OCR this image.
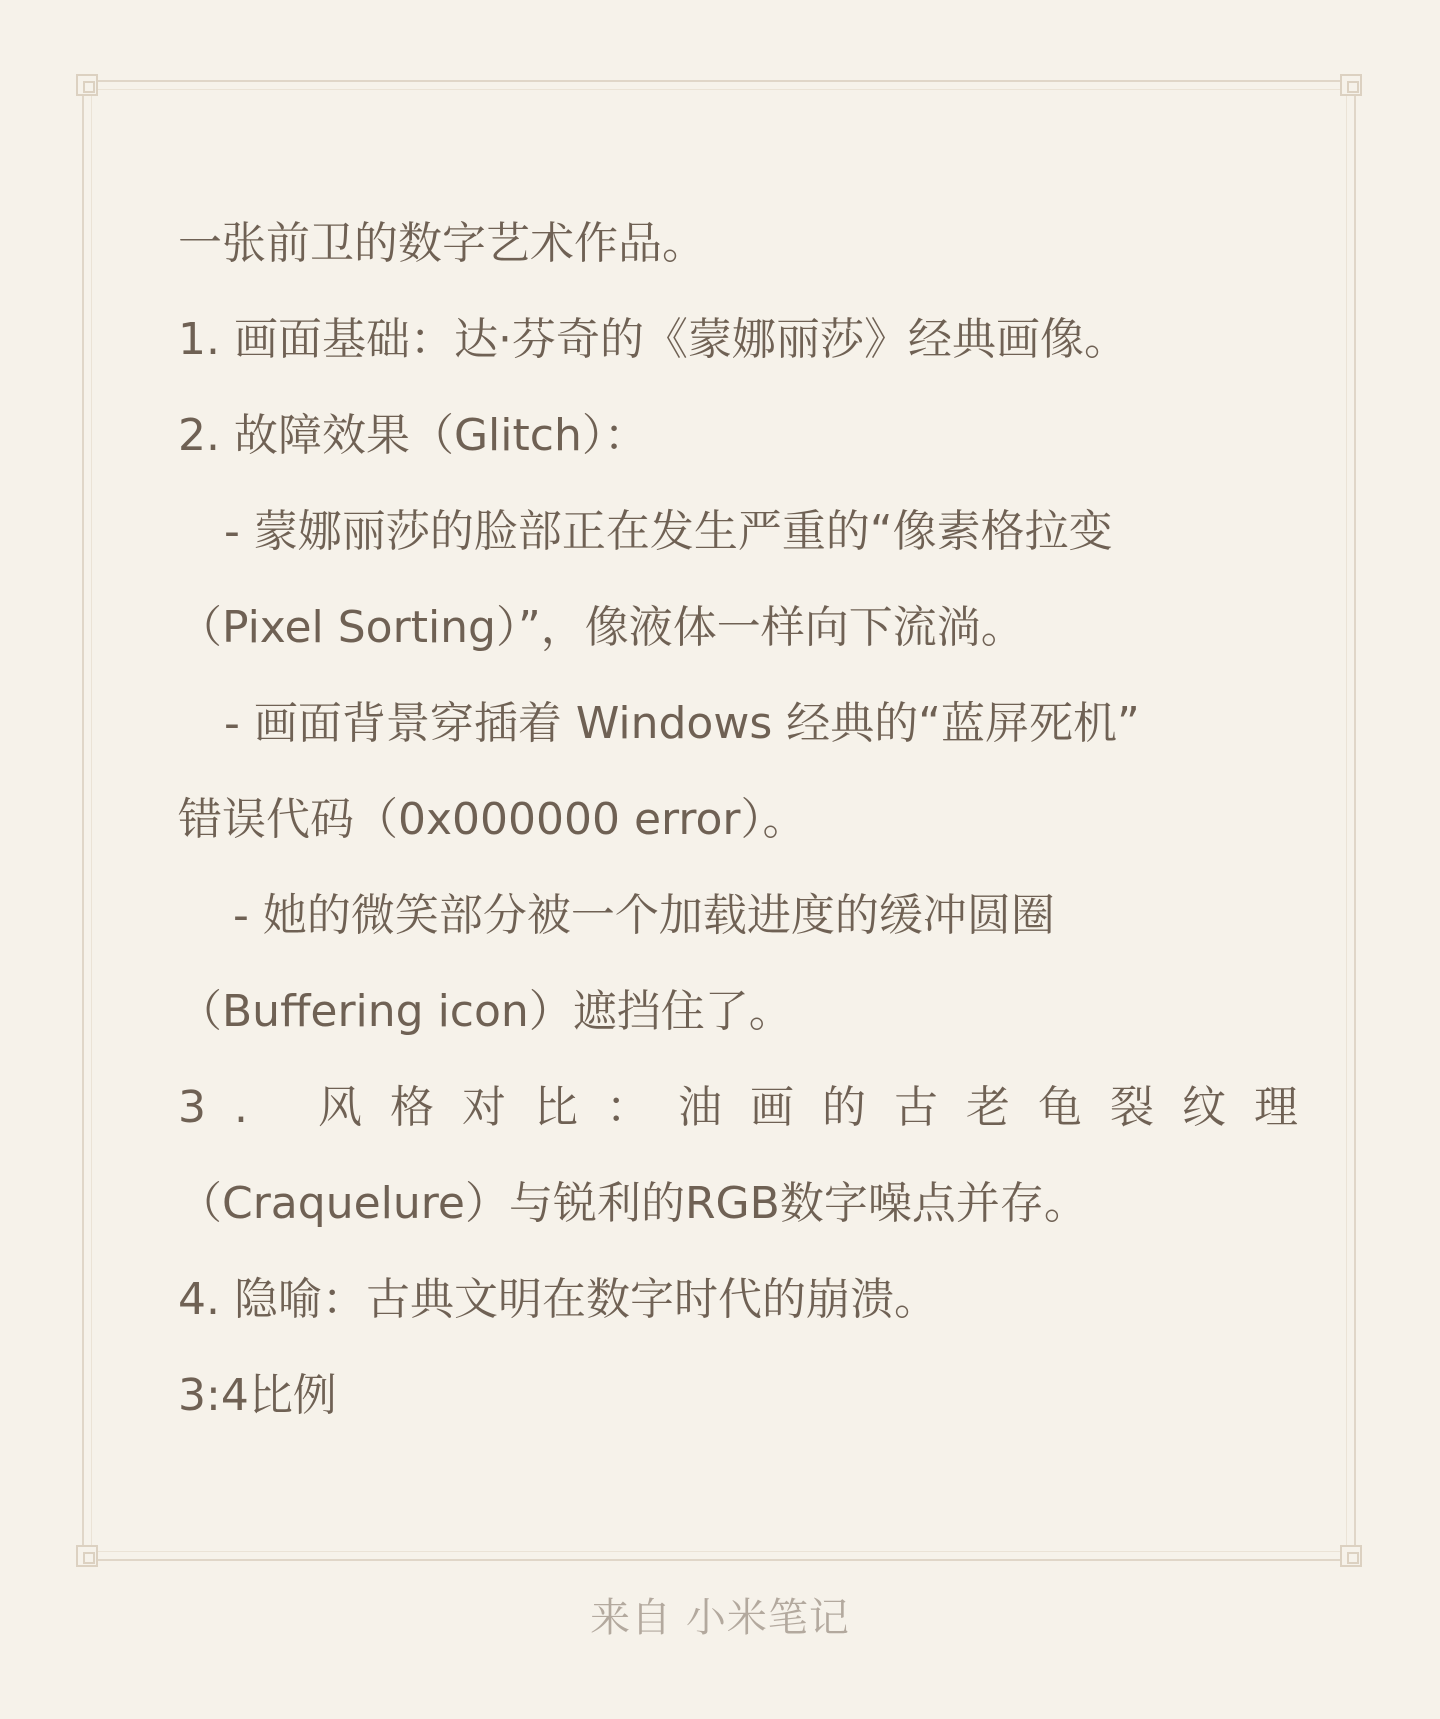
一张前卫的数字艺术作品。

1. 画面基础：达·芬奇的《蒙娜丽莎》经典画像。

2. 故障效果（Glitch）：

- 蒙娜丽莎的脸部正在发生严重的“像素格拉变

（Pixel Sorting）”，像液体一样向下流淌。

- 画面背景穿插着 Windows 经典的“蓝屏死机”

错误代码（0x000000 error）。

- 她的微笑部分被一个加载进度的缓冲圆圈

（Buffering icon）遮挡住了。

3. 风格对比：油画的古老龟裂纹理

（Craquelure）与锐利的RGB数字噪点并存。

4. 隐喻：古典文明在数字时代的崩溃。

3:4比例

来自 小米笔记
